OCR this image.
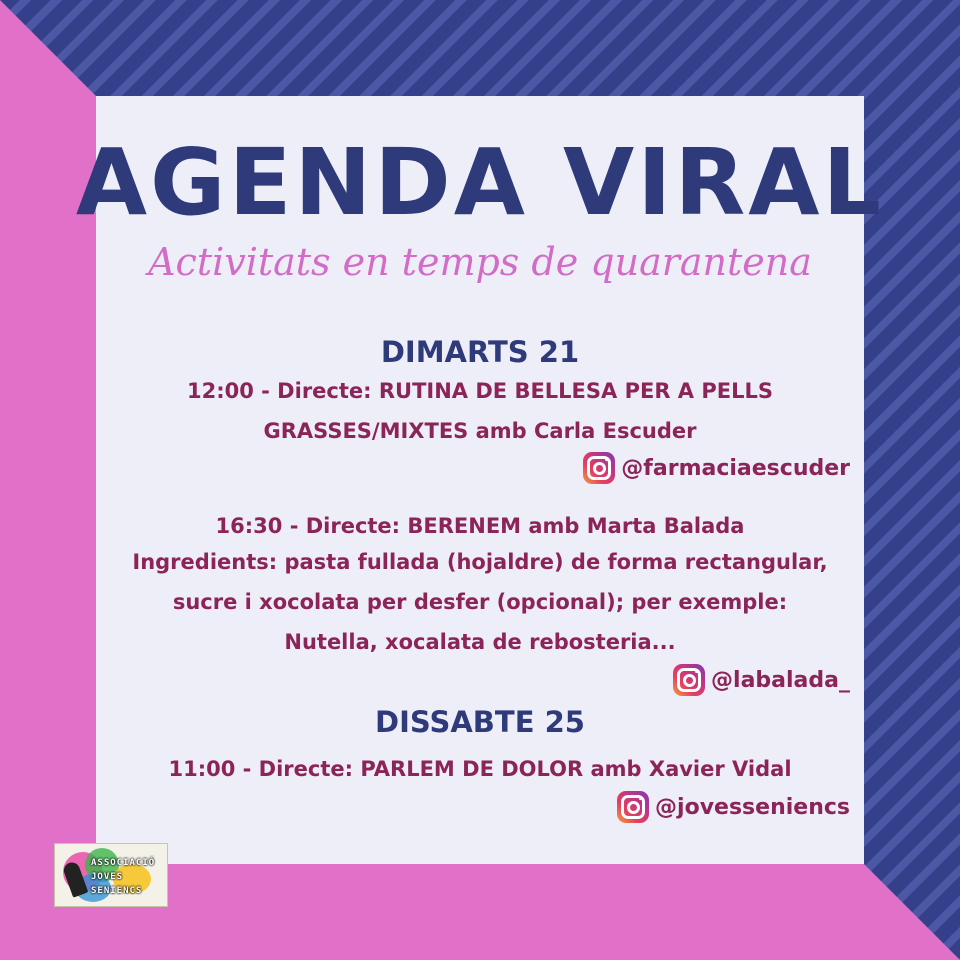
AGENDA VIRAL
Activitats en temps de quarantena
DIMARTS 21
12:00 - Directe: RUTINA DE BELLESA PER A PELLS
GRASSES/MIXTES amb Carla Escuder
@farmaciaescuder
16:30 - Directe: BERENEM amb Marta Balada
Ingredients: pasta fullada (hojaldre) de forma rectangular,
sucre i xocolata per desfer (opcional); per exemple:
Nutella, xocalata de rebosteria...
@labalada_
DISSABTE 25
11:00 - Directe: PARLEM DE DOLOR amb Xavier Vidal
@jovesseniencs
ASSOCIACIÓ
JOVES
SENIENCS
